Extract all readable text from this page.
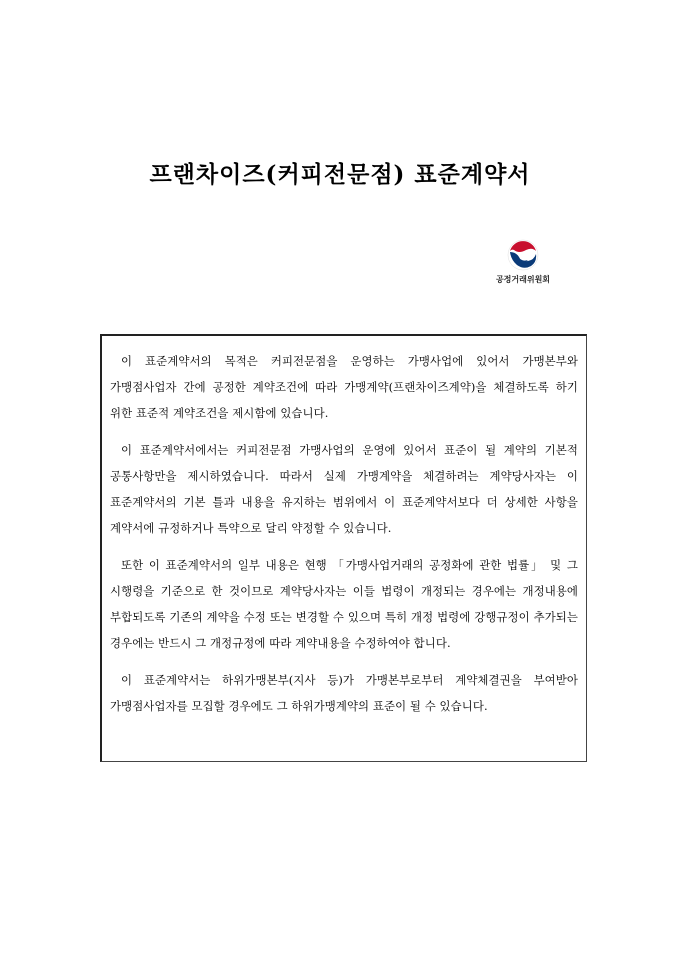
프랜차이즈(커피전문점) 표준계약서
공정거래위원회

이 표준계약서의 목적은 커피전문점을 운영하는 가맹사업에 있어서 가맹본부와 가맹점사업자 간에 공정한 계약조건에 따라 가맹계약(프랜차이즈계약)을 체결하도록 하기 위한 표준적 계약조건을 제시함에 있습니다.

이 표준계약서에서는 커피전문점 가맹사업의 운영에 있어서 표준이 될 계약의 기본적 공통사항만을 제시하였습니다. 따라서 실제 가맹계약을 체결하려는 계약당사자는 이 표준계약서의 기본 틀과 내용을 유지하는 범위에서 이 표준계약서보다 더 상세한 사항을 계약서에 규정하거나 특약으로 달리 약정할 수 있습니다.

또한 이 표준계약서의 일부 내용은 현행 「가맹사업거래의 공정화에 관한 법률」 및 그 시행령을 기준으로 한 것이므로 계약당사자는 이들 법령이 개정되는 경우에는 개정내용에 부합되도록 기존의 계약을 수정 또는 변경할 수 있으며 특히 개정 법령에 강행규정이 추가되는 경우에는 반드시 그 개정규정에 따라 계약내용을 수정하여야 합니다.

이 표준계약서는 하위가맹본부(지사 등)가 가맹본부로부터 계약체결권을 부여받아 가맹점사업자를 모집할 경우에도 그 하위가맹계약의 표준이 될 수 있습니다.
